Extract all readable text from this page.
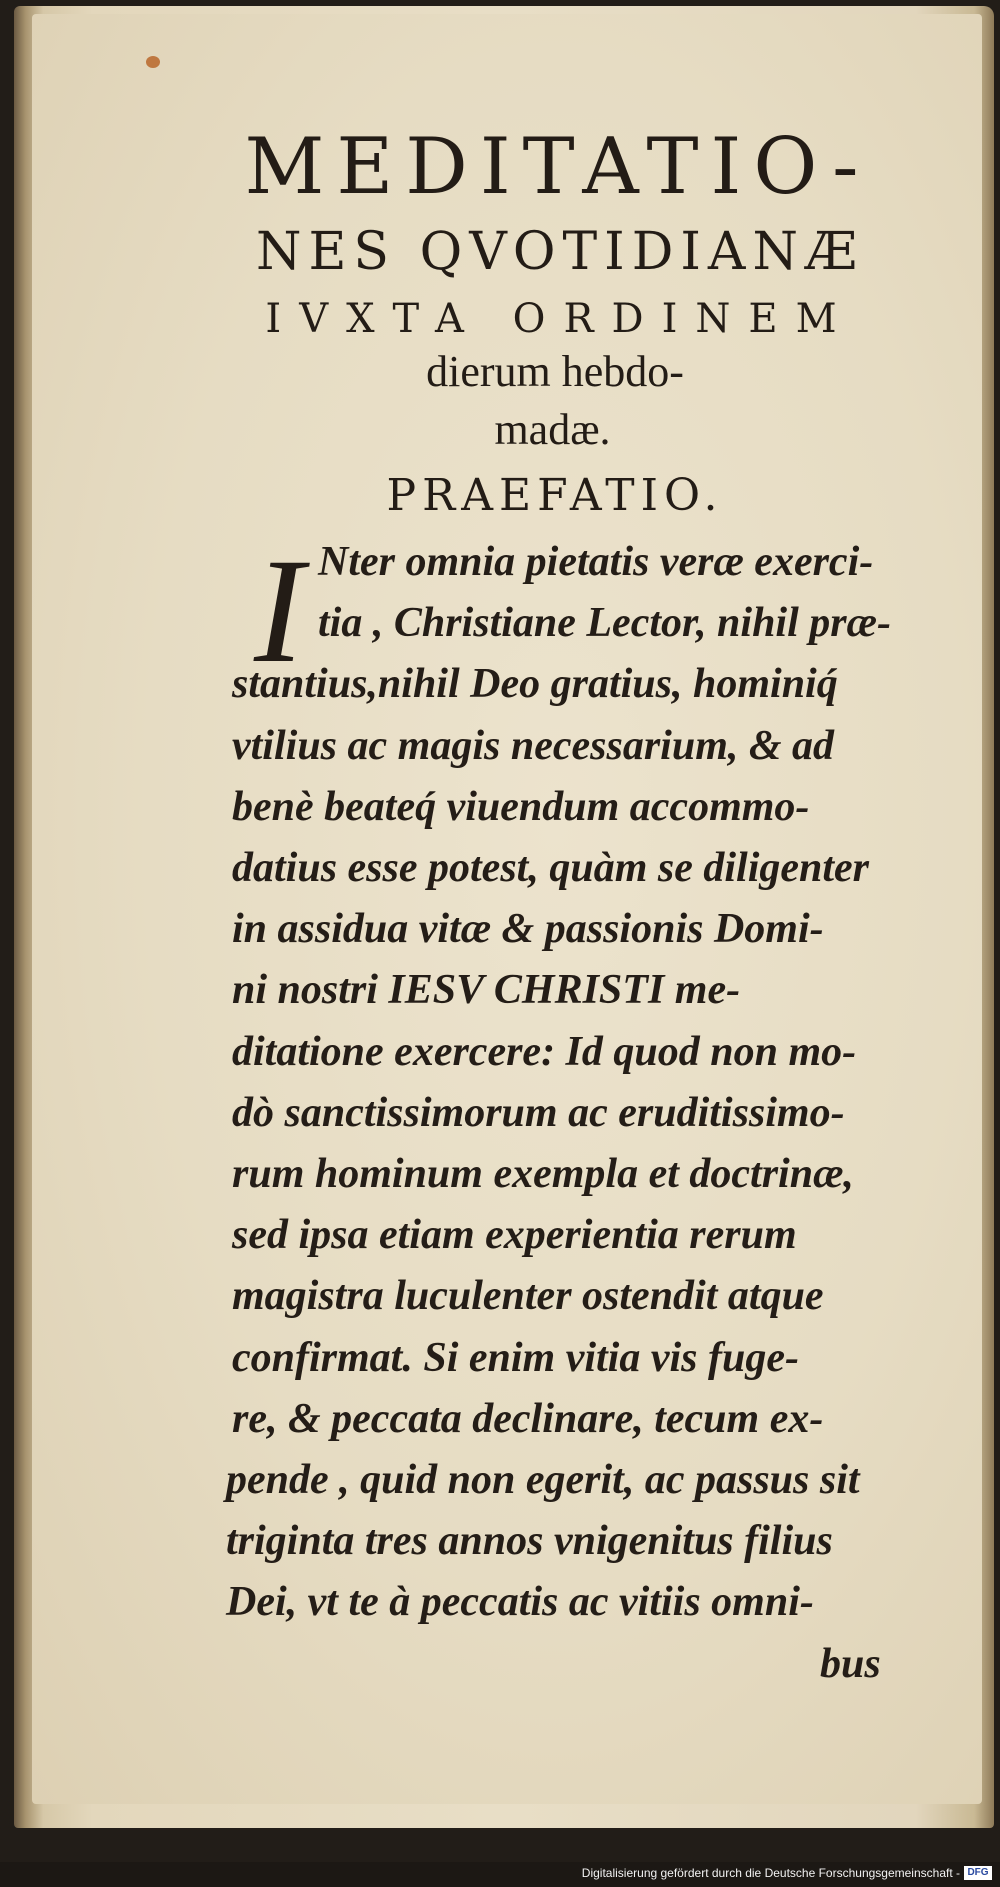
MEDITATIO-
NES QVOTIDIANÆ
IVXTA ORDINEM
dierum hebdo-
madæ.
PRAEFATIO.
I Nter omnia pietatis veræ exerci-
tia , Christiane Lector, nihil præ-
stantius,nihil Deo gratius, hominiq́
vtilius ac magis necessarium, & ad
benè beateq́ viuendum accommo-
datius esse potest, quàm se diligenter
in assidua vitæ & passionis Domi-
ni nostri IESV CHRISTI me-
ditatione exercere: Id quod non mo-
dò sanctissimorum ac eruditissimo-
rum hominum exempla et doctrinæ,
sed ipsa etiam experientia rerum
magistra luculenter ostendit atque
confirmat. Si enim vitia vis fuge-
re, & peccata declinare, tecum ex-
pende , quid non egerit, ac passus sit
triginta tres annos vnigenitus filius
Dei, vt te à peccatis ac vitiis omni-
bus
Digitalisierung gefördert durch die Deutsche Forschungsgemeinschaft - DFG
